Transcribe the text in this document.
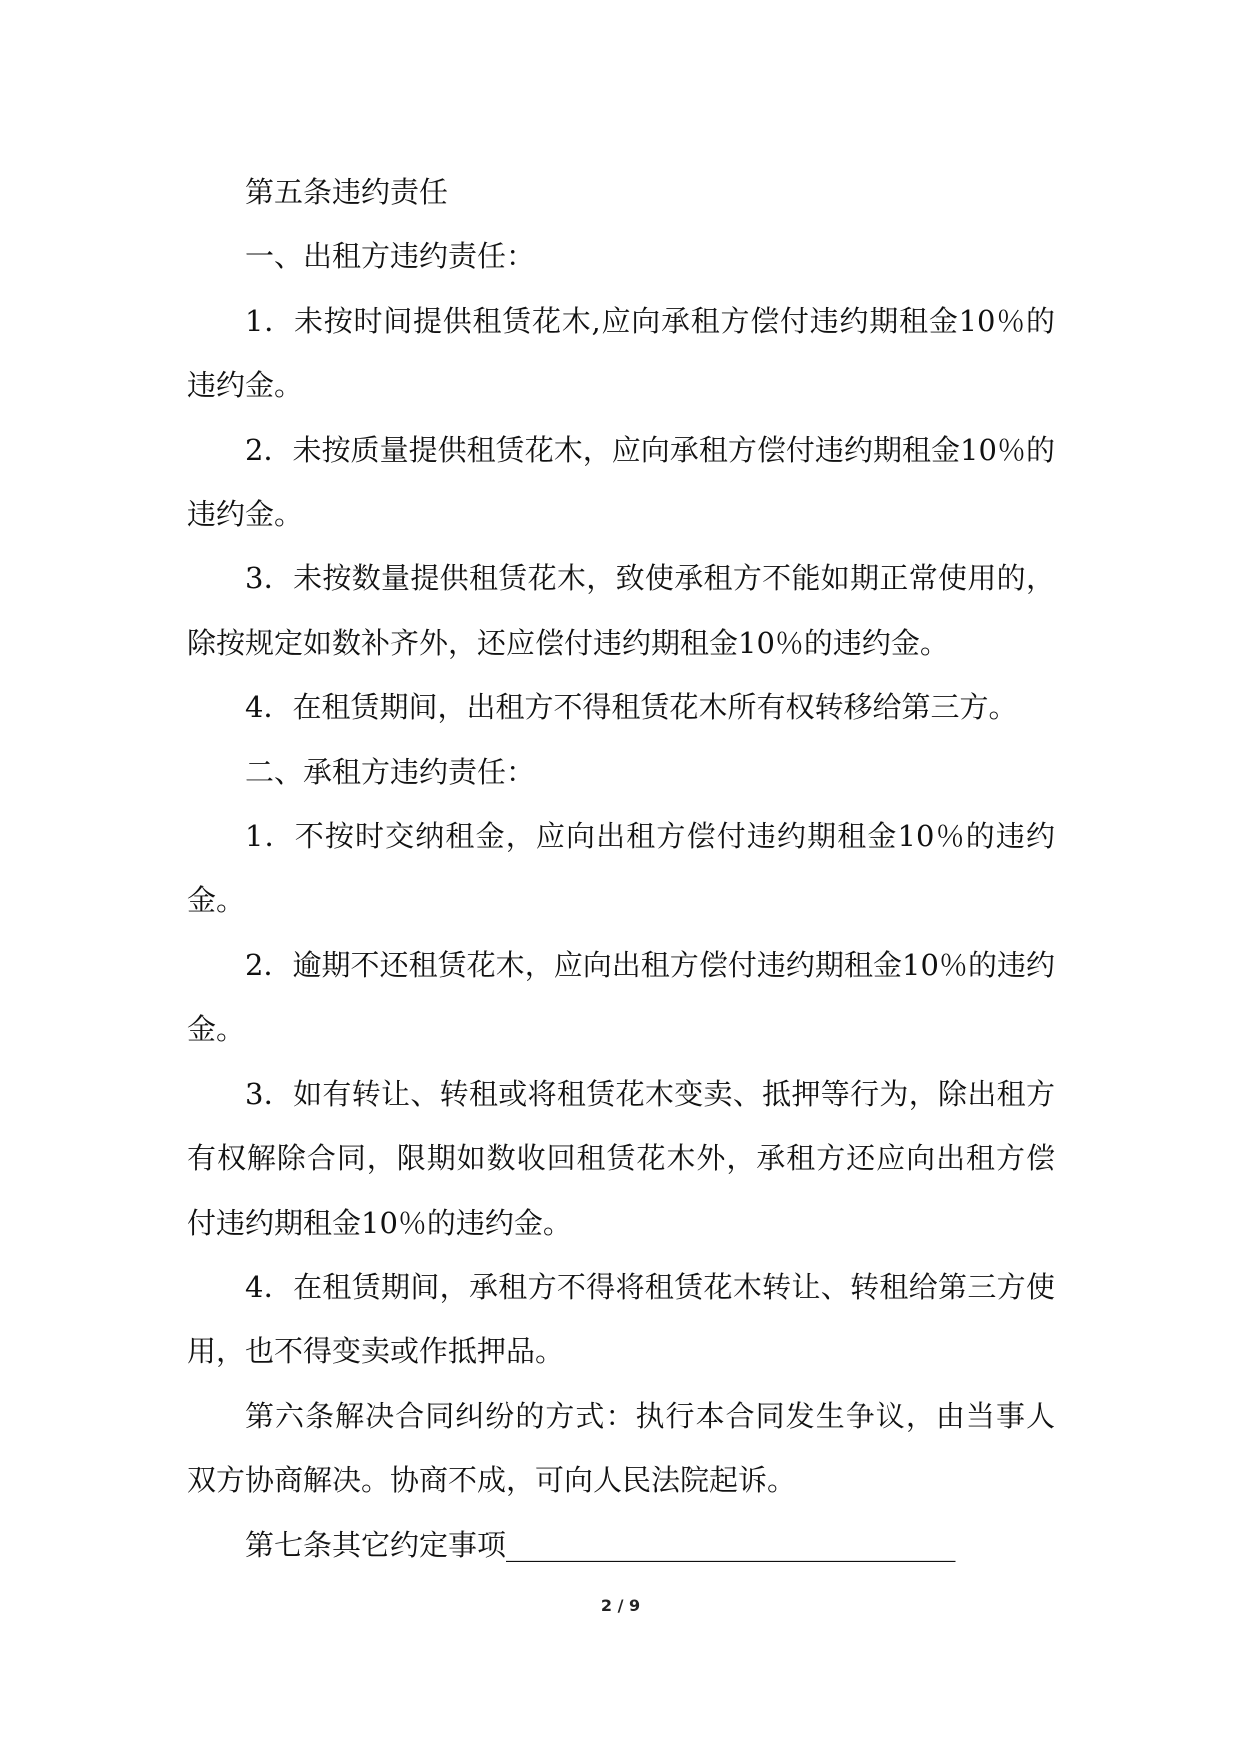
第五条违约责任

一、出租方违约责任：

1．未按时间提供租赁花木,应向承租方偿付违约期租金10％的违约金。

2．未按质量提供租赁花木，应向承租方偿付违约期租金10％的违约金。

3．未按数量提供租赁花木，致使承租方不能如期正常使用的，除按规定如数补齐外，还应偿付违约期租金10％的违约金。

4．在租赁期间，出租方不得租赁花木所有权转移给第三方。

二、承租方违约责任：

1．不按时交纳租金，应向出租方偿付违约期租金10％的违约金。

2．逾期不还租赁花木，应向出租方偿付违约期租金10％的违约金。

3．如有转让、转租或将租赁花木变卖、抵押等行为，除出租方有权解除合同，限期如数收回租赁花木外，承租方还应向出租方偿付违约期租金10％的违约金。

4．在租赁期间，承租方不得将租赁花木转让、转租给第三方使用，也不得变卖或作抵押品。

第六条解决合同纠纷的方式：执行本合同发生争议，由当事人双方协商解决。协商不成，可向人民法院起诉。

第七条其它约定事项_______________________________

2 / 9
